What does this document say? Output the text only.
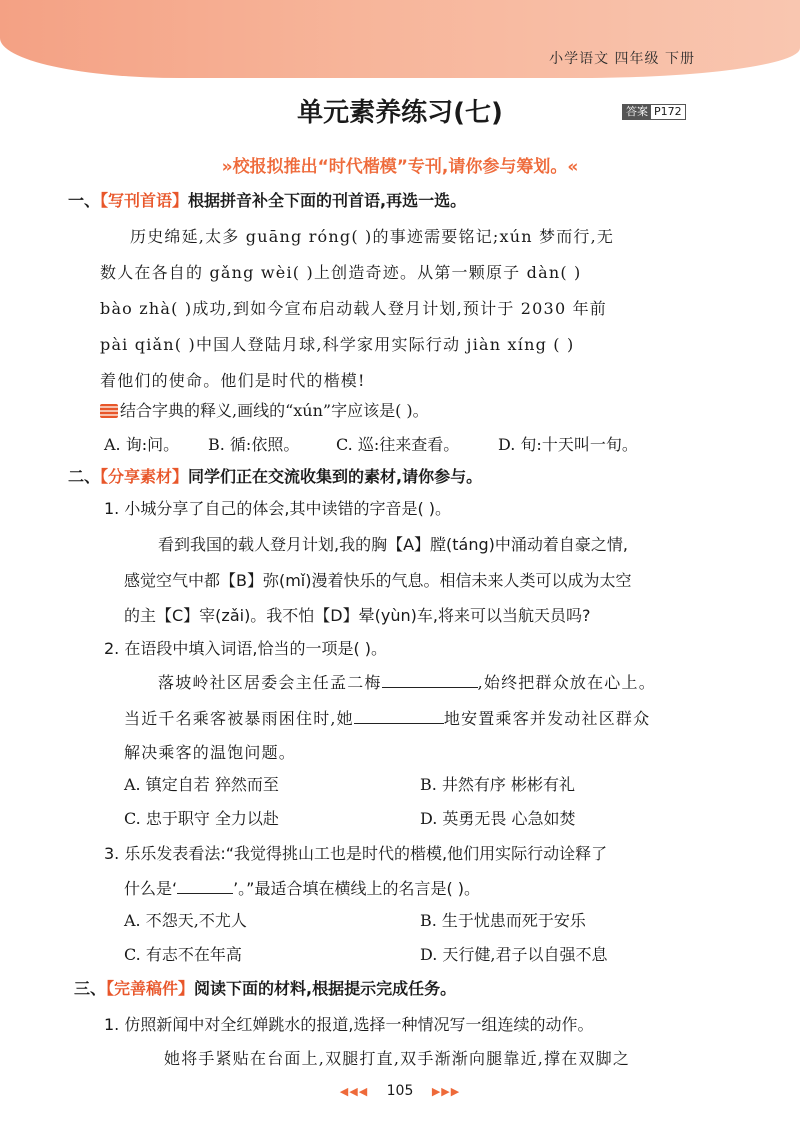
小学语文 四年级 下册
单元素养练习(七)	答案 P172
»校报拟推出“时代楷模”专刊,请你参与筹划。«
一、【写刊首语】根据拼音补全下面的刊首语,再选一选。
历史绵延,太多 guāng róng( )的事迹需要铭记;xún 梦而行,无
数人在各自的 gǎng wèi( )上创造奇迹。从第一颗原子 dàn( )
bào zhà( )成功,到如今宣布启动载人登月计划,预计于 2030 年前
pài qiǎn( )中国人登陆月球,科学家用实际行动 jiàn xíng ( )
着他们的使命。他们是时代的楷模!
结合字典的释义,画线的“xún”字应该是( )。
A. 询:问。 B. 循:依照。 C. 巡:往来查看。 D. 旬:十天叫一旬。
二、【分享素材】同学们正在交流收集到的素材,请你参与。
1. 小城分享了自己的体会,其中读错的字音是( )。
看到我国的载人登月计划,我的胸【A】膛(táng)中涌动着自豪之情,
感觉空气中都【B】弥(mǐ)漫着快乐的气息。相信未来人类可以成为太空
的主【C】宰(zǎi)。我不怕【D】晕(yùn)车,将来可以当航天员吗?
2. 在语段中填入词语,恰当的一项是( )。
落坡岭社区居委会主任孟二梅	,始终把群众放在心上。
当近千名乘客被暴雨困住时,她	地安置乘客并发动社区群众
解决乘客的温饱问题。
A. 镇定自若 猝然而至	B. 井然有序 彬彬有礼
C. 忠于职守 全力以赴	D. 英勇无畏 心急如焚
3. 乐乐发表看法:“我觉得挑山工也是时代的楷模,他们用实际行动诠释了
什么是‘	’。”最适合填在横线上的名言是( )。
A. 不怨天,不尤人	B. 生于忧患而死于安乐
C. 有志不在年高	D. 天行健,君子以自强不息
三、【完善稿件】阅读下面的材料,根据提示完成任务。
1. 仿照新闻中对全红婵跳水的报道,选择一种情况写一组连续的动作。
她将手紧贴在台面上,双腿打直,双手渐渐向腿靠近,撑在双脚之
◀◀◀ 105 ▶▶▶
